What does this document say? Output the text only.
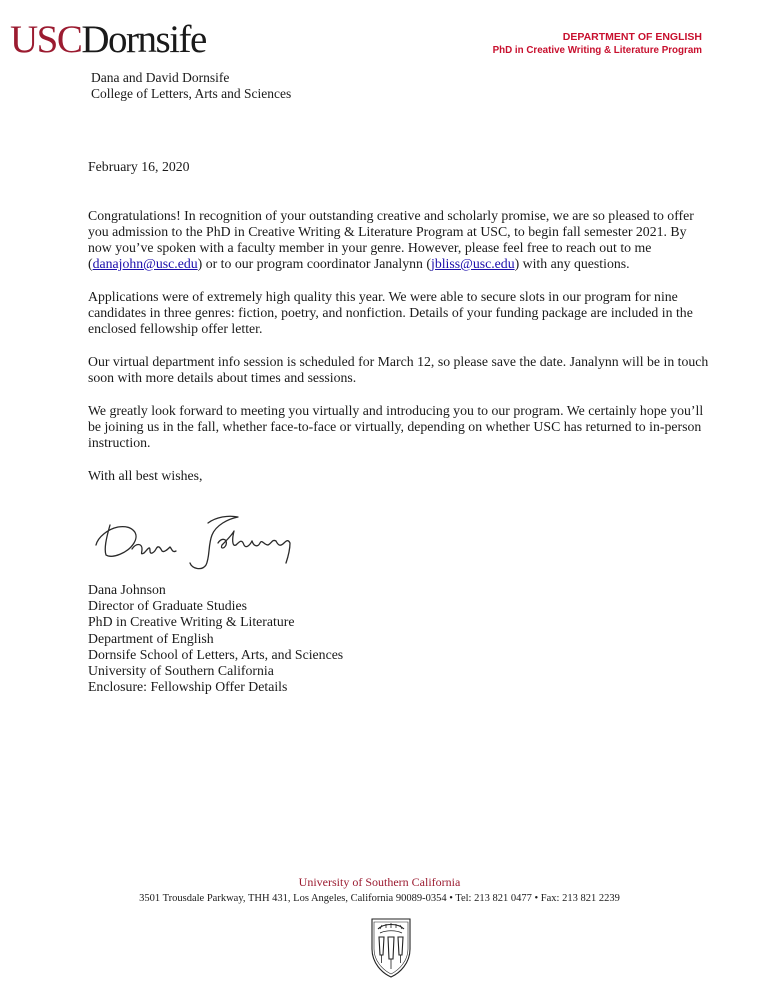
USCDornsife
Dana and David Dornsife
College of Letters, Arts and Sciences
DEPARTMENT OF ENGLISH
PhD in Creative Writing & Literature Program

February 16, 2020

Congratulations! In recognition of your outstanding creative and scholarly promise, we are so pleased to offer you admission to the PhD in Creative Writing & Literature Program at USC, to begin fall semester 2021. By now you’ve spoken with a faculty member in your genre. However, please feel free to reach out to me (danajohn@usc.edu) or to our program coordinator Janalynn (jbliss@usc.edu) with any questions.

Applications were of extremely high quality this year. We were able to secure slots in our program for nine candidates in three genres: fiction, poetry, and nonfiction. Details of your funding package are included in the enclosed fellowship offer letter.

Our virtual department info session is scheduled for March 12, so please save the date. Janalynn will be in touch soon with more details about times and sessions.

We greatly look forward to meeting you virtually and introducing you to our program. We certainly hope you’ll be joining us in the fall, whether face-to-face or virtually, depending on whether USC has returned to in-person instruction.

With all best wishes,

Dana Johnson
Director of Graduate Studies
PhD in Creative Writing & Literature
Department of English
Dornsife School of Letters, Arts, and Sciences
University of Southern California
Enclosure: Fellowship Offer Details
University of Southern California
3501 Trousdale Parkway, THH 431, Los Angeles, California 90089-0354 • Tel: 213 821 0477 • Fax: 213 821 2239
